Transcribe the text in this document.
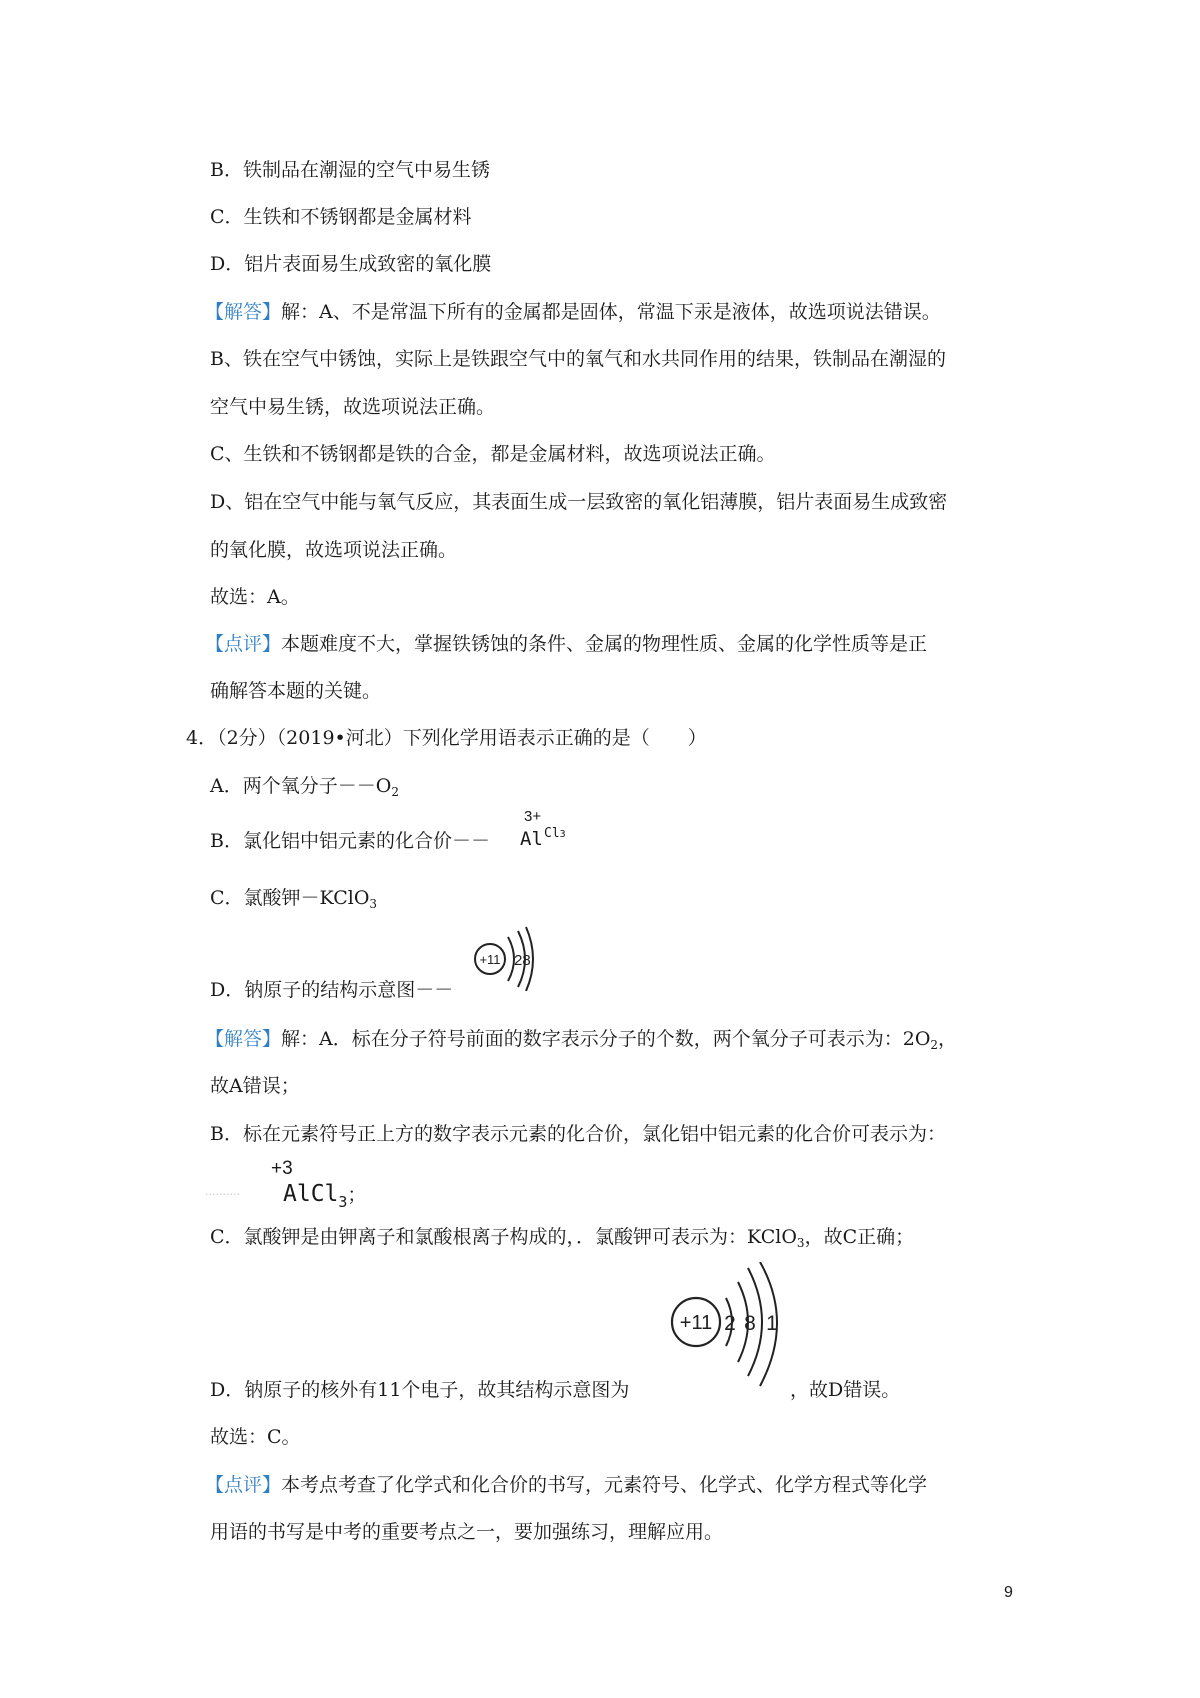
B．铁制品在潮湿的空气中易生锈
C．生铁和不锈钢都是金属材料
D．铝片表面易生成致密的氧化膜
【解答】解：A、不是常温下所有的金属都是固体，常温下汞是液体，故选项说法错误。
B、铁在空气中锈蚀，实际上是铁跟空气中的氧气和水共同作用的结果，铁制品在潮湿的
空气中易生锈，故选项说法正确。
C、生铁和不锈钢都是铁的合金，都是金属材料，故选项说法正确。
D、铝在空气中能与氧气反应，其表面生成一层致密的氧化铝薄膜，铝片表面易生成致密
的氧化膜，故选项说法正确。
故选：A。
【点评】本题难度不大，掌握铁锈蚀的条件、金属的物理性质、金属的化学性质等是正
确解答本题的关键。
4．（2分）（2019•河北）下列化学用语表示正确的是（　　）
A．两个氧分子$--O_2$
B．氯化铝中铝元素的化合价－－
3+
Al Cl3
C．氯酸钾－KClO$_3$
D．钠原子的结构示意图－－
+11 28
【解答】解：A．标在分子符号前面的数字表示分子的个数，两个氧分子可表示为：$2O_2$，
故A错误；
B．标在元素符号正上方的数字表示元素的化合价，氯化铝中铝元素的化合价可表示为：
··········
+3
AlCl$_3$；
C．氯酸钾是由钾离子和氯酸根离子构成的，．氯酸钾可表示为：KClO$_3$，故C正确；
+11 2 8 1
D．钠原子的核外有11个电子，故其结构示意图为	，故D错误。
故选：C。
【点评】本考点考查了化学式和化合价的书写，元素符号、化学式、化学方程式等化学
用语的书写是中考的重要考点之一，要加强练习，理解应用。
9
